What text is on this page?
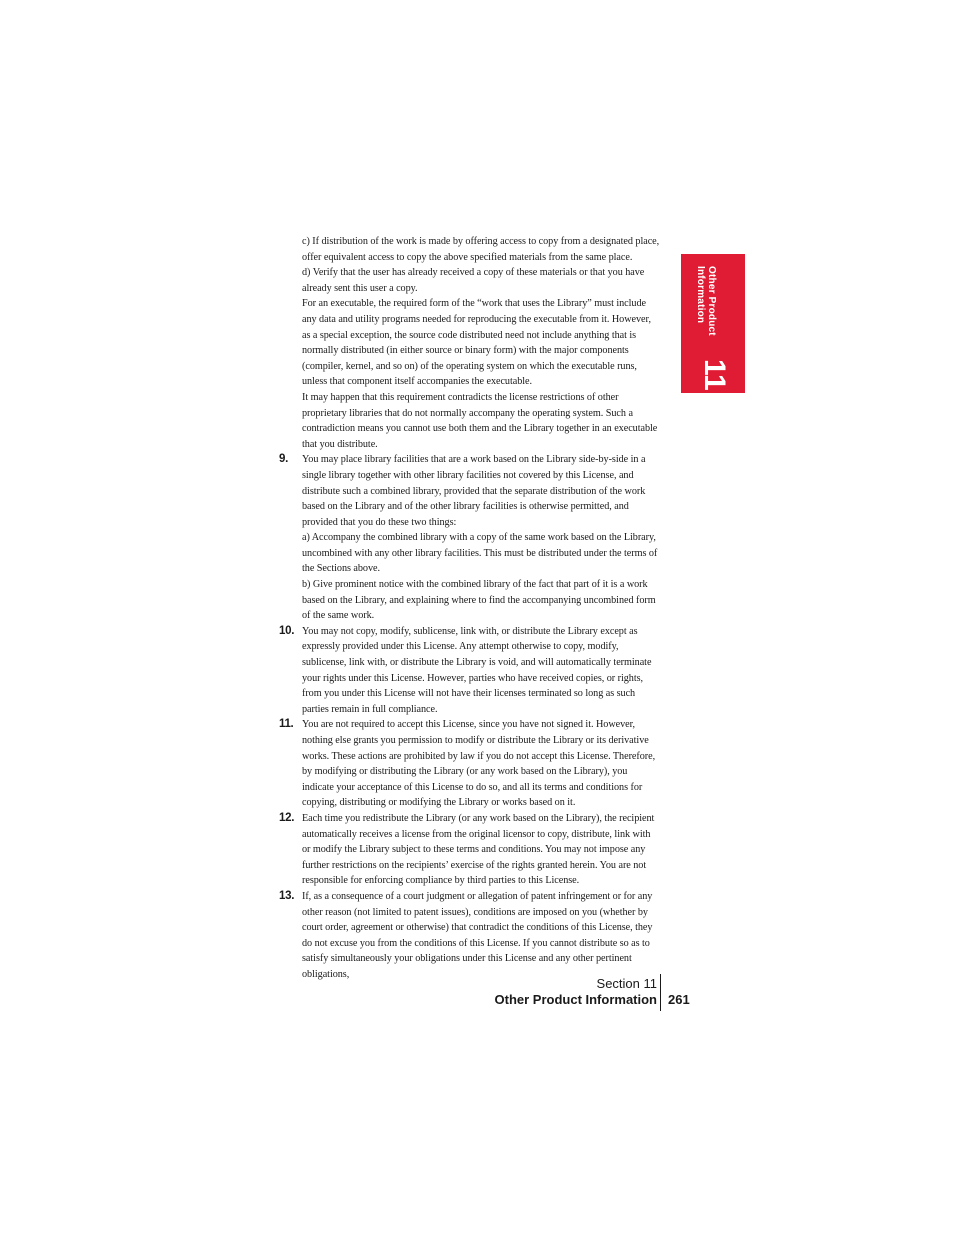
Other Product
Information
11

c) If distribution of the work is made by offering access to copy from a designated place, offer equivalent access to copy the above specified materials from the same place.

d) Verify that the user has already received a copy of these materials or that you have already sent this user a copy.

For an executable, the required form of the “work that uses the Library” must include any data and utility programs needed for reproducing the executable from it. However, as a special exception, the source code distributed need not include anything that is normally distributed (in either source or binary form) with the major components (compiler, kernel, and so on) of the operating system on which the executable runs, unless that component itself accompanies the executable.

It may happen that this requirement contradicts the license restrictions of other proprietary libraries that do not normally accompany the operating system. Such a contradiction means you cannot use both them and the Library together in an executable that you distribute.

9. You may place library facilities that are a work based on the Library side-by-side in a single library together with other library facilities not covered by this License, and distribute such a combined library, provided that the separate distribution of the work based on the Library and of the other library facilities is otherwise permitted, and provided that you do these two things:

a) Accompany the combined library with a copy of the same work based on the Library, uncombined with any other library facilities. This must be distributed under the terms of the Sections above.

b) Give prominent notice with the combined library of the fact that part of it is a work based on the Library, and explaining where to find the accompanying uncombined form of the same work.

10. You may not copy, modify, sublicense, link with, or distribute the Library except as expressly provided under this License. Any attempt otherwise to copy, modify, sublicense, link with, or distribute the Library is void, and will automatically terminate your rights under this License. However, parties who have received copies, or rights, from you under this License will not have their licenses terminated so long as such parties remain in full compliance.

11. You are not required to accept this License, since you have not signed it. However, nothing else grants you permission to modify or distribute the Library or its derivative works. These actions are prohibited by law if you do not accept this License. Therefore, by modifying or distributing the Library (or any work based on the Library), you indicate your acceptance of this License to do so, and all its terms and conditions for copying, distributing or modifying the Library or works based on it.

12. Each time you redistribute the Library (or any work based on the Library), the recipient automatically receives a license from the original licensor to copy, distribute, link with or modify the Library subject to these terms and conditions. You may not impose any further restrictions on the recipients’ exercise of the rights granted herein. You are not responsible for enforcing compliance by third parties to this License.

13. If, as a consequence of a court judgment or allegation of patent infringement or for any other reason (not limited to patent issues), conditions are imposed on you (whether by court order, agreement or otherwise) that contradict the conditions of this License, they do not excuse you from the conditions of this License. If you cannot distribute so as to satisfy simultaneously your obligations under this License and any other pertinent obligations,

Section 11
Other Product Information 261
